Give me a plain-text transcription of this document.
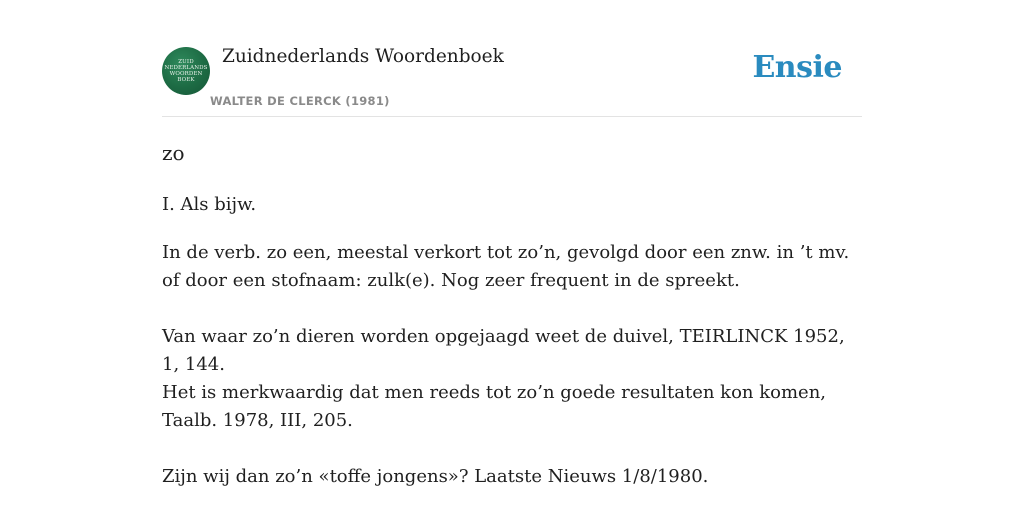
ZUID
NEDERLANDS
WOORDEN
BOEK
Zuidnederlands Woordenboek
WALTER DE CLERCK (1981)
Ensie
zo
I. Als bijw.
In de verb. zo een, meestal verkort tot zo’n, gevolgd door een znw. in ’t mv. of door een stofnaam: zulk(e). Nog zeer frequent in de spreekt.
Van waar zo’n dieren worden opgejaagd weet de duivel, TEIRLINCK 1952, 1, 144.
Het is merkwaardig dat men reeds tot zo’n goede resultaten kon komen, Taalb. 1978, III, 205.
Zijn wij dan zo’n «toffe jongens»? Laatste Nieuws 1/8/1980.
